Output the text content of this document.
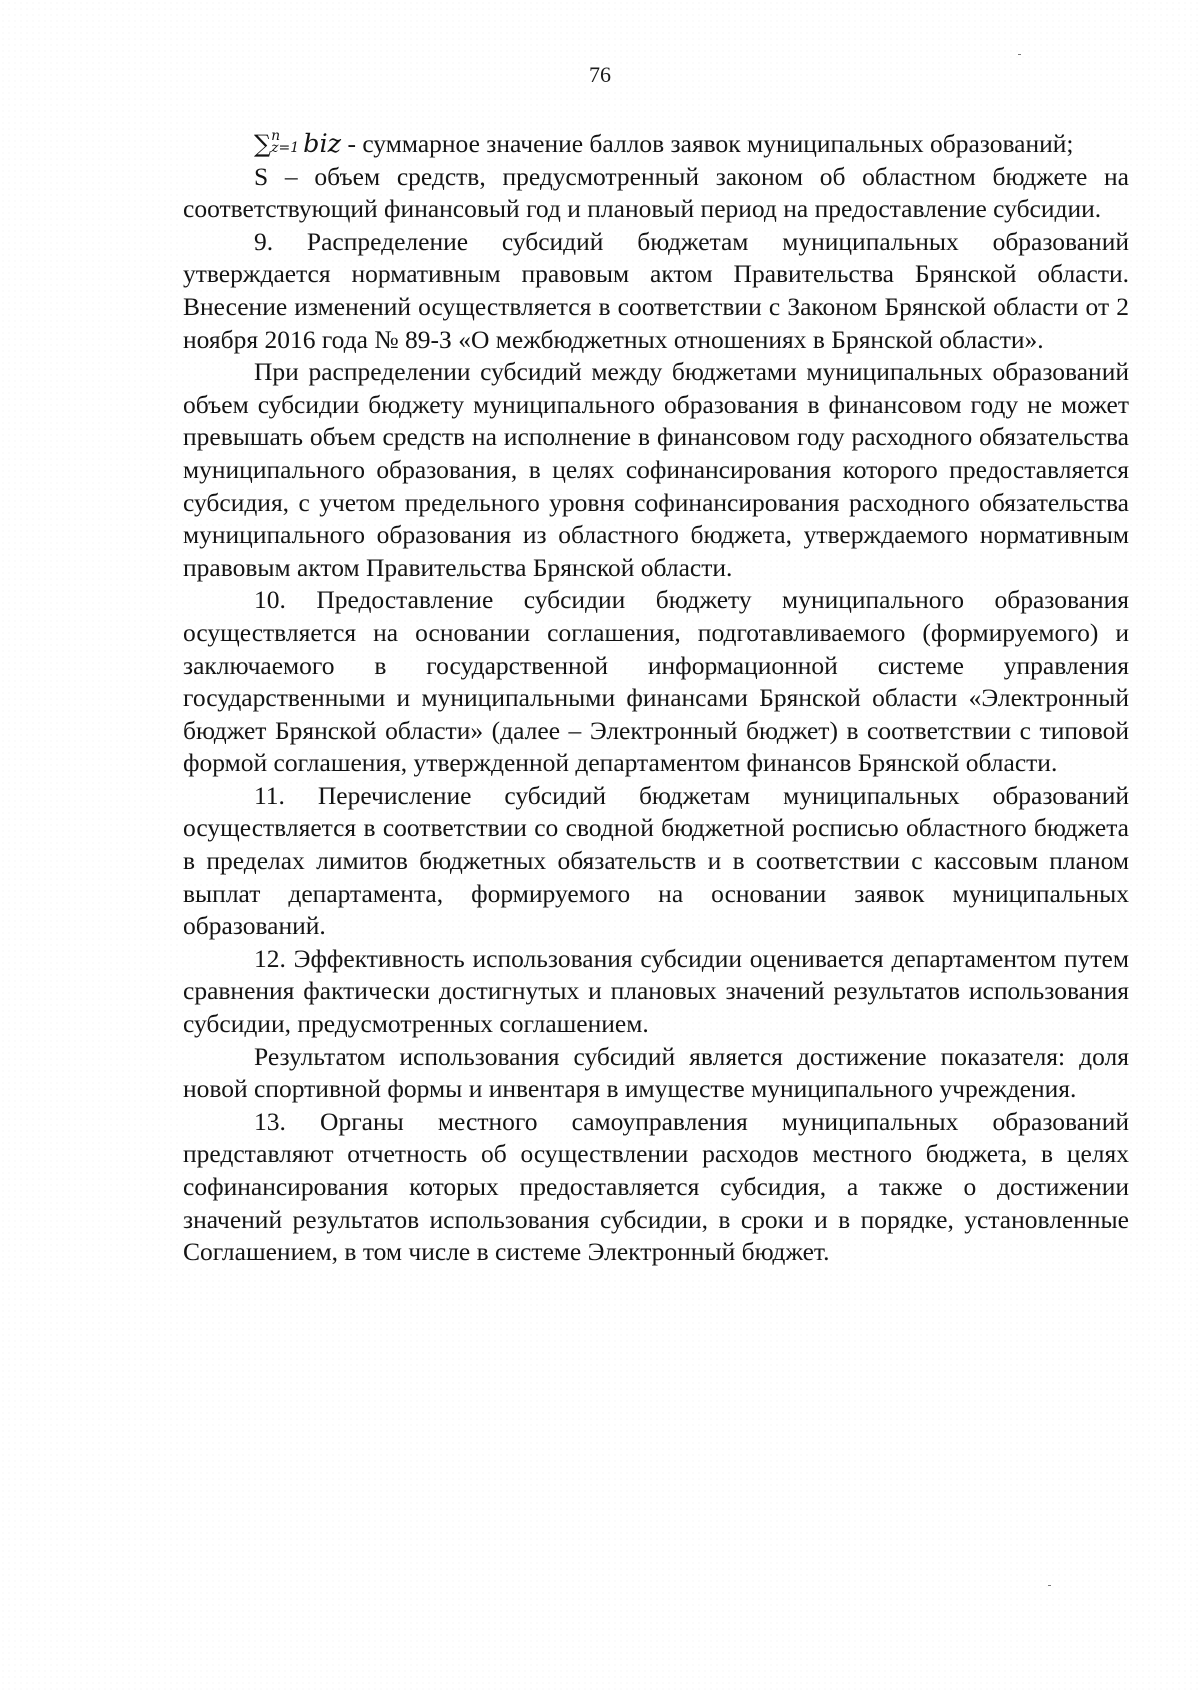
76
∑ n
z=1 biz - суммарное значение баллов заявок муниципальных образований;

S – объем средств, предусмотренный законом об областном бюджете на соответствующий финансовый год и плановый период на предоставление субсидии.

9. Распределение субсидий бюджетам муниципальных образований утверждается нормативным правовым актом Правительства Брянской области. Внесение изменений осуществляется в соответствии с Законом Брянской области от 2 ноября 2016 года № 89-З «О межбюджетных отношениях в Брянской области».

При распределении субсидий между бюджетами муниципальных образований объем субсидии бюджету муниципального образования в финансовом году не может превышать объем средств на исполнение в финансовом году расходного обязательства муниципального образования, в целях софинансирования которого предоставляется субсидия, с учетом предельного уровня софинансирования расходного обязательства муниципального образования из областного бюджета, утверждаемого нормативным правовым актом Правительства Брянской области.

10. Предоставление субсидии бюджету муниципального образования осуществляется на основании соглашения, подготавливаемого (формируемого) и заключаемого в государственной информационной системе управления государственными и муниципальными финансами Брянской области «Электронный бюджет Брянской области» (далее – Электронный бюджет) в соответствии с типовой формой соглашения, утвержденной департаментом финансов Брянской области.

11. Перечисление субсидий бюджетам муниципальных образований осуществляется в соответствии со сводной бюджетной росписью областного бюджета в пределах лимитов бюджетных обязательств и в соответствии с кассовым планом выплат департамента, формируемого на основании заявок муниципальных образований.

12. Эффективность использования субсидии оценивается департаментом путем сравнения фактически достигнутых и плановых значений результатов использования субсидии, предусмотренных соглашением.

Результатом использования субсидий является достижение показателя: доля новой спортивной формы и инвентаря в имуществе муниципального учреждения.

13. Органы местного самоуправления муниципальных образований представляют отчетность об осуществлении расходов местного бюджета, в целях софинансирования которых предоставляется субсидия, а также о достижении значений результатов использования субсидии, в сроки и в порядке, установленные Соглашением, в том числе в системе Электронный бюджет.
